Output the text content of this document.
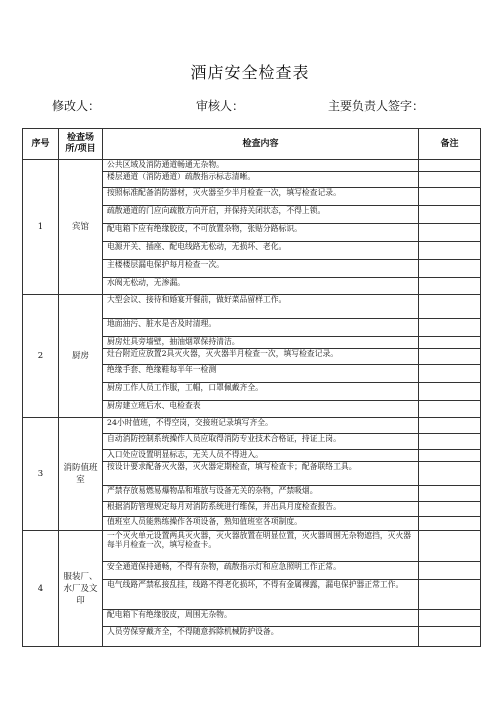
酒店安全检查表
修改人：	审核人：	主要负责人签字：
序号	检查场所/项目	检查内容	备注
1	宾馆	公共区域及消防通道畅通无杂物。	
		楼层通道（消防通道）疏散指示标志清晰。	
		按照标准配备消防器材，灭火器至少半月检查一次，填写检查记录。	
		疏散通道的门应向疏散方向开启，并保持关闭状态，不得上锁。	
		配电箱下应有绝缘胶皮，不可放置杂物，张贴分路标识。	
		电源开关、插座、配电线路无松动，无损坏、老化。	
		主楼楼层漏电保护每月检查一次。	
		水阀无松动，无渗漏。	
2	厨房	大型会议、接待和婚宴开餐前，做好菜品留样工作。	
		地面油污、脏水是否及时清理。	
		厨房灶具旁墙壁，抽油烟罩保持清洁。	
		灶台附近应放置2具灭火器，灭火器半月检查一次，填写检查记录。	
		绝缘手套、绝缘鞋每半年一检测	
		厨房工作人员工作服，工帽，口罩佩戴齐全。	
		厨房建立班后水、电检查表	
3	消防值班室	24小时值班，不得空岗，交接班记录填写齐全。	
		自动消防控制系统操作人员应取得消防专业技术合格证，持证上岗。	
		入口处应设置明显标志，无关人员不得进入。	
		按设计要求配备灭火器，灭火器定期检查，填写检查卡；配备联络工具。	
		严禁存放易燃易爆物品和堆放与设备无关的杂物，严禁吸烟。	
		根据消防管理规定每月对消防系统进行维保，并出具月度检查报告。	
		值班室人员能熟练操作各项设备，熟知值班室各项制度。	
4	服装厂、水厂及文印	一个灭火单元设置两具灭火器，灭火器放置在明显位置，灭火器周围无杂物遮挡，灭火器每半月检查一次，填写检查卡。	
		安全通道保持通畅，不得有杂物，疏散指示灯和应急照明工作正常。	
		电气线路严禁私接乱挂，线路不得老化损坏，不得有金属裸露，漏电保护器正常工作。	
		配电箱下有绝缘胶皮，周围无杂物。	
		人员劳保穿戴齐全，不得随意拆除机械防护设备。	
